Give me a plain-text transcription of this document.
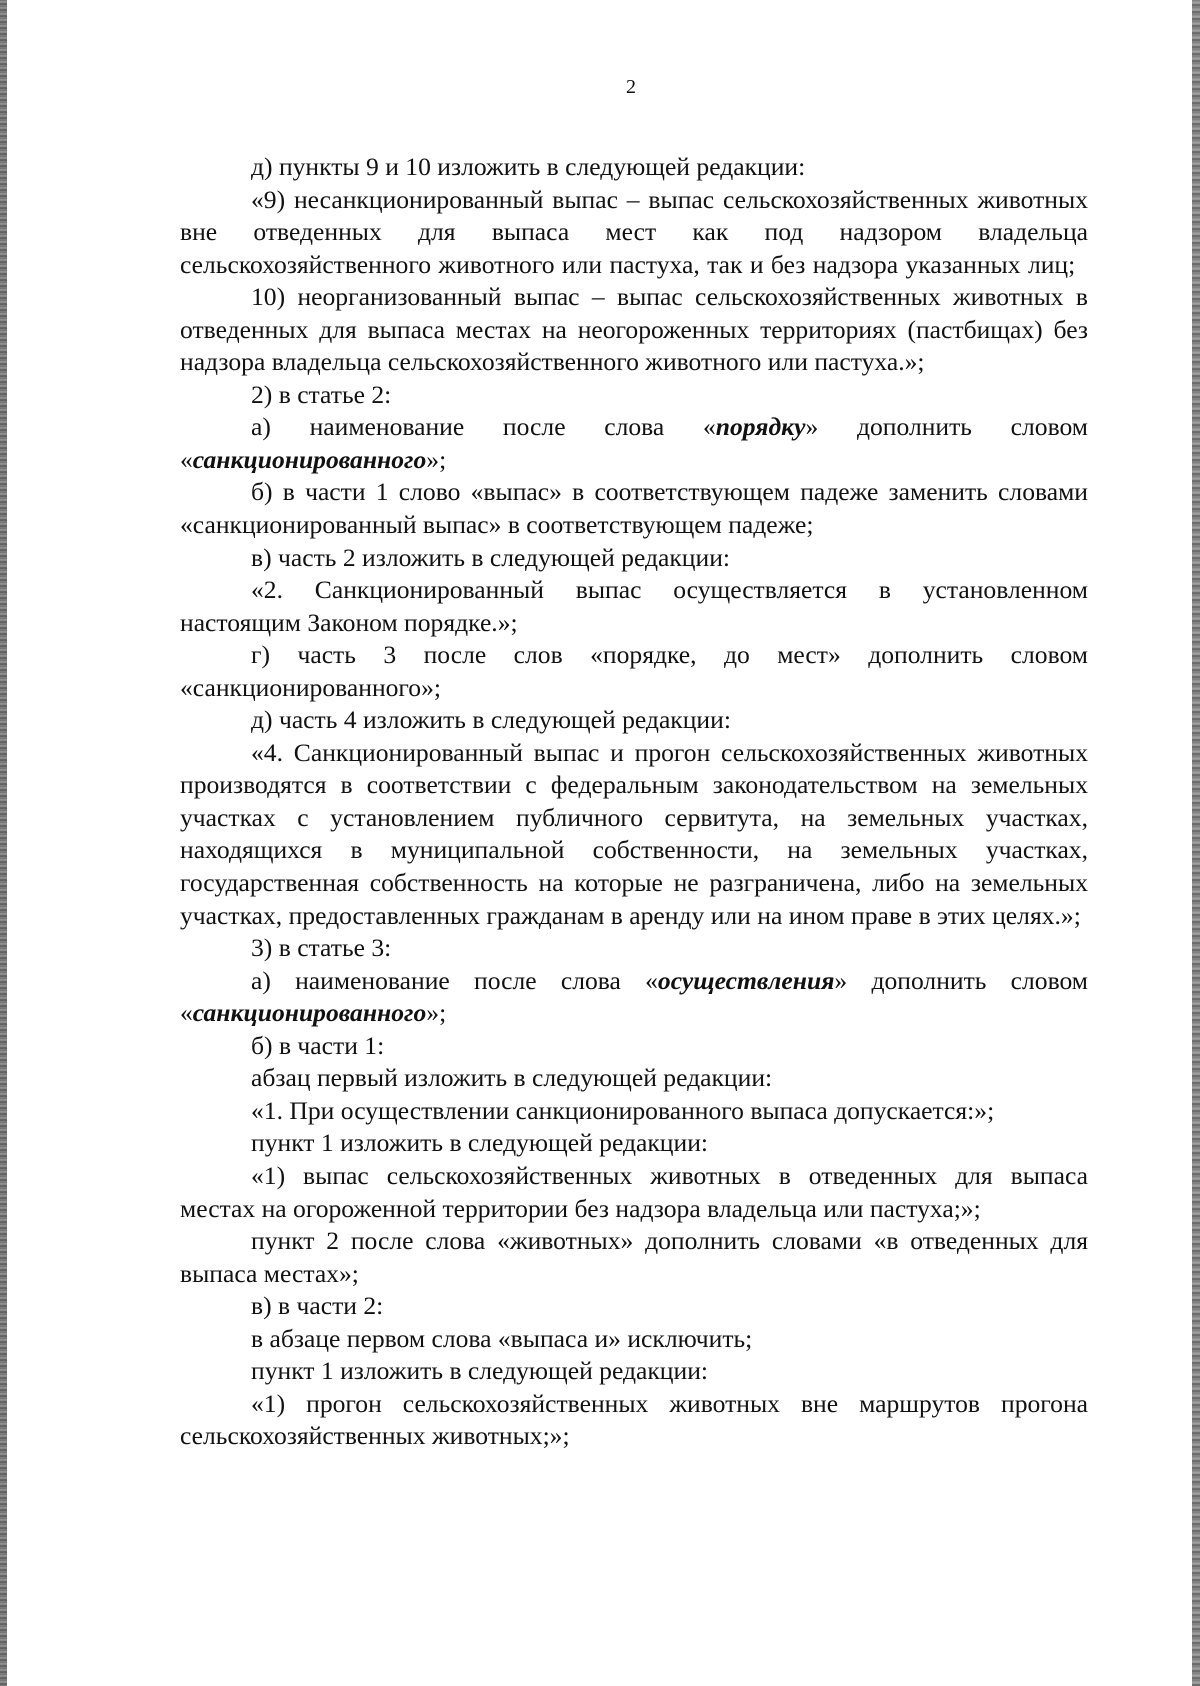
2

д) пункты 9 и 10 изложить в следующей редакции:

«9) несанкционированный выпас – выпас сельскохозяйственных животных вне отведенных для выпаса мест как под надзором владельца сельскохозяйственного животного или пастуха, так и без надзора указанных лиц;

10) неорганизованный выпас – выпас сельскохозяйственных животных в отведенных для выпаса местах на неогороженных территориях (пастбищах) без надзора владельца сельскохозяйственного животного или пастуха.»;

2) в статье 2:

а) наименование после слова «порядку» дополнить словом «санкционированного»;

б) в части 1 слово «выпас» в соответствующем падеже заменить словами «санкционированный выпас» в соответствующем падеже;

в) часть 2 изложить в следующей редакции:

«2. Санкционированный выпас осуществляется в установленном настоящим Законом порядке.»;

г) часть 3 после слов «порядке, до мест» дополнить словом «санкционированного»;

д) часть 4 изложить в следующей редакции:

«4. Санкционированный выпас и прогон сельскохозяйственных животных производятся в соответствии с федеральным законодательством на земельных участках с установлением публичного сервитута, на земельных участках, находящихся в муниципальной собственности, на земельных участках, государственная собственность на которые не разграничена, либо на земельных участках, предоставленных гражданам в аренду или на ином праве в этих целях.»;

3) в статье 3:

а) наименование после слова «осуществления» дополнить словом «санкционированного»;

б) в части 1:

абзац первый изложить в следующей редакции:

«1. При осуществлении санкционированного выпаса допускается:»;

пункт 1 изложить в следующей редакции:

«1) выпас сельскохозяйственных животных в отведенных для выпаса местах на огороженной территории без надзора владельца или пастуха;»;

пункт 2 после слова «животных» дополнить словами «в отведенных для выпаса местах»;

в) в части 2:

в абзаце первом слова «выпаса и» исключить;

пункт 1 изложить в следующей редакции:

«1) прогон сельскохозяйственных животных вне маршрутов прогона сельскохозяйственных животных;»;
